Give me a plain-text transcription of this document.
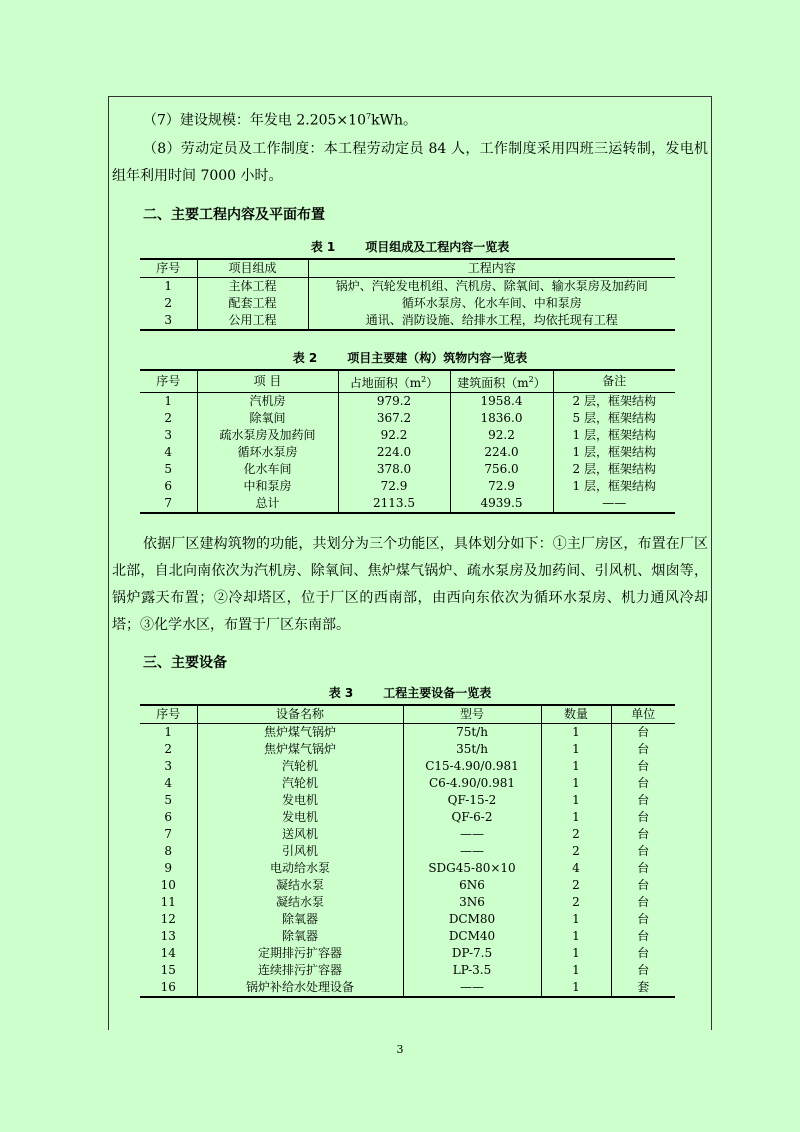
（7）建设规模：年发电 $2.205\times 10^7kWh$。

（8）劳动定员及工作制度：本工程劳动定员 84 人，工作制度采用四班三运转制，发电机组年利用时间 7000 小时。

二、主要工程内容及平面布置

表 1	项目组成及工程内容一览表

序号	项目组成	工程内容
1	主体工程	锅炉、汽轮发电机组、汽机房、除氧间、输水泵房及加药间
2	配套工程	循环水泵房、化水车间、中和泵房
3	公用工程	通讯、消防设施、给排水工程，均依托现有工程

表 2	项目主要建（构）筑物内容一览表

序号	项 目	占地面积$(m^2)$	建筑面积$(m^2)$	备注
1	汽机房	979.2	1958.4	2 层，框架结构
2	除氧间	367.2	1836.0	5 层，框架结构
3	疏水泵房及加药间	92.2	92.2	1 层，框架结构
4	循环水泵房	224.0	224.0	1 层，框架结构
5	化水车间	378.0	756.0	2 层，框架结构
6	中和泵房	72.9	72.9	1 层，框架结构
7	总计	2113.5	4939.5	——

依据厂区建构筑物的功能，共划分为三个功能区，具体划分如下：①主厂房区，布置在厂区北部，自北向南依次为汽机房、除氧间、焦炉煤气锅炉、疏水泵房及加药间、引风机、烟囱等，锅炉露天布置；②冷却塔区，位于厂区的西南部，由西向东依次为循环水泵房、机力通风冷却塔；③化学水区，布置于厂区东南部。

三、主要设备

表 3	工程主要设备一览表

序号	设备名称	型号	数量	单位
1	焦炉煤气锅炉	75t/h	1	台
2	焦炉煤气锅炉	35t/h	1	台
3	汽轮机	C15-4.90/0.981	1	台
4	汽轮机	C6-4.90/0.981	1	台
5	发电机	QF-15-2	1	台
6	发电机	QF-6-2	1	台
7	送风机	——	2	台
8	引风机	——	2	台
9	电动给水泵	SDG45-80×10	4	台
10	凝结水泵	6N6	2	台
11	凝结水泵	3N6	2	台
12	除氧器	DCM80	1	台
13	除氧器	DCM40	1	台
14	定期排污扩容器	DP-7.5	1	台
15	连续排污扩容器	LP-3.5	1	台
16	锅炉补给水处理设备	——	1	套
3
